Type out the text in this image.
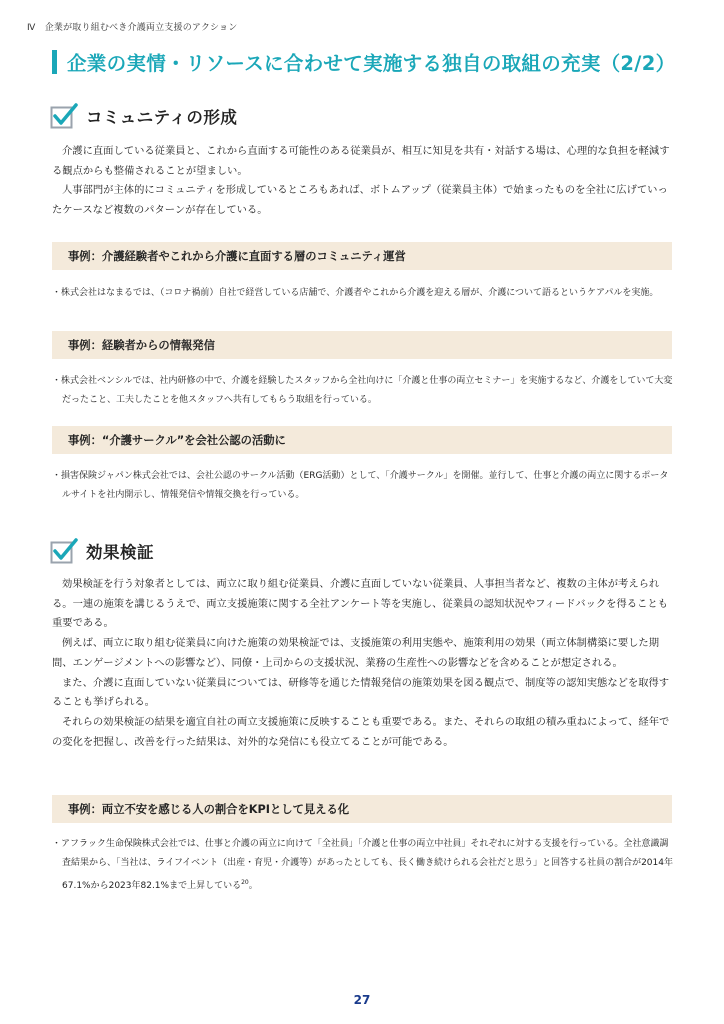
Ⅳ　企業が取り組むべき介護両立支援のアクション
企業の実情・リソースに合わせて実施する独自の取組の充実（2/2）
コミュニティの形成

介護に直面している従業員と、これから直面する可能性のある従業員が、相互に知見を共有・対話する場は、心理的な負担を軽減する観点からも整備されることが望ましい。

人事部門が主体的にコミュニティを形成しているところもあれば、ボトムアップ（従業員主体）で始まったものを全社に広げていったケースなど複数のパターンが存在している。

事例：介護経験者やこれから介護に直面する層のコミュニティ運営

・株式会社はなまるでは、（コロナ禍前）自社で経営している店舗で、介護者やこれから介護を迎える層が、介護について語るというケアパルを実施。

事例：経験者からの情報発信

・株式会社ベンシルでは、社内研修の中で、介護を経験したスタッフから全社向けに「介護と仕事の両立セミナー」を実施するなど、介護をしていて大変だったこと、工夫したことを他スタッフへ共有してもらう取組を行っている。

事例：“介護サークル”を会社公認の活動に

・損害保険ジャパン株式会社では、会社公認のサークル活動（ERG活動）として、「介護サークル」を開催。並行して、仕事と介護の両立に関するポータルサイトを社内開示し、情報発信や情報交換を行っている。

効果検証

効果検証を行う対象者としては、両立に取り組む従業員、介護に直面していない従業員、人事担当者など、複数の主体が考えられる。一連の施策を講じるうえで、両立支援施策に関する全社アンケート等を実施し、従業員の認知状況やフィードバックを得ることも重要である。

例えば、両立に取り組む従業員に向けた施策の効果検証では、支援施策の利用実態や、施策利用の効果（両立体制構築に要した期間、エンゲージメントへの影響など）、同僚・上司からの支援状況、業務の生産性への影響などを含めることが想定される。

また、介護に直面していない従業員については、研修等を通じた情報発信の施策効果を図る観点で、制度等の認知実態などを取得することも挙げられる。

それらの効果検証の結果を適宜自社の両立支援施策に反映することも重要である。また、それらの取組の積み重ねによって、経年での変化を把握し、改善を行った結果は、対外的な発信にも役立てることが可能である。

事例：両立不安を感じる人の割合をKPIとして見える化

・アフラック生命保険株式会社では、仕事と介護の両立に向けて「全社員」「介護と仕事の両立中社員」それぞれに対する支援を行っている。全社意識調査結果から、「当社は、ライフイベント（出産・育児・介護等）があったとしても、長く働き続けられる会社だと思う」と回答する社員の割合が2014年67.1%から2023年82.1%まで上昇している$^{20}$。

27
